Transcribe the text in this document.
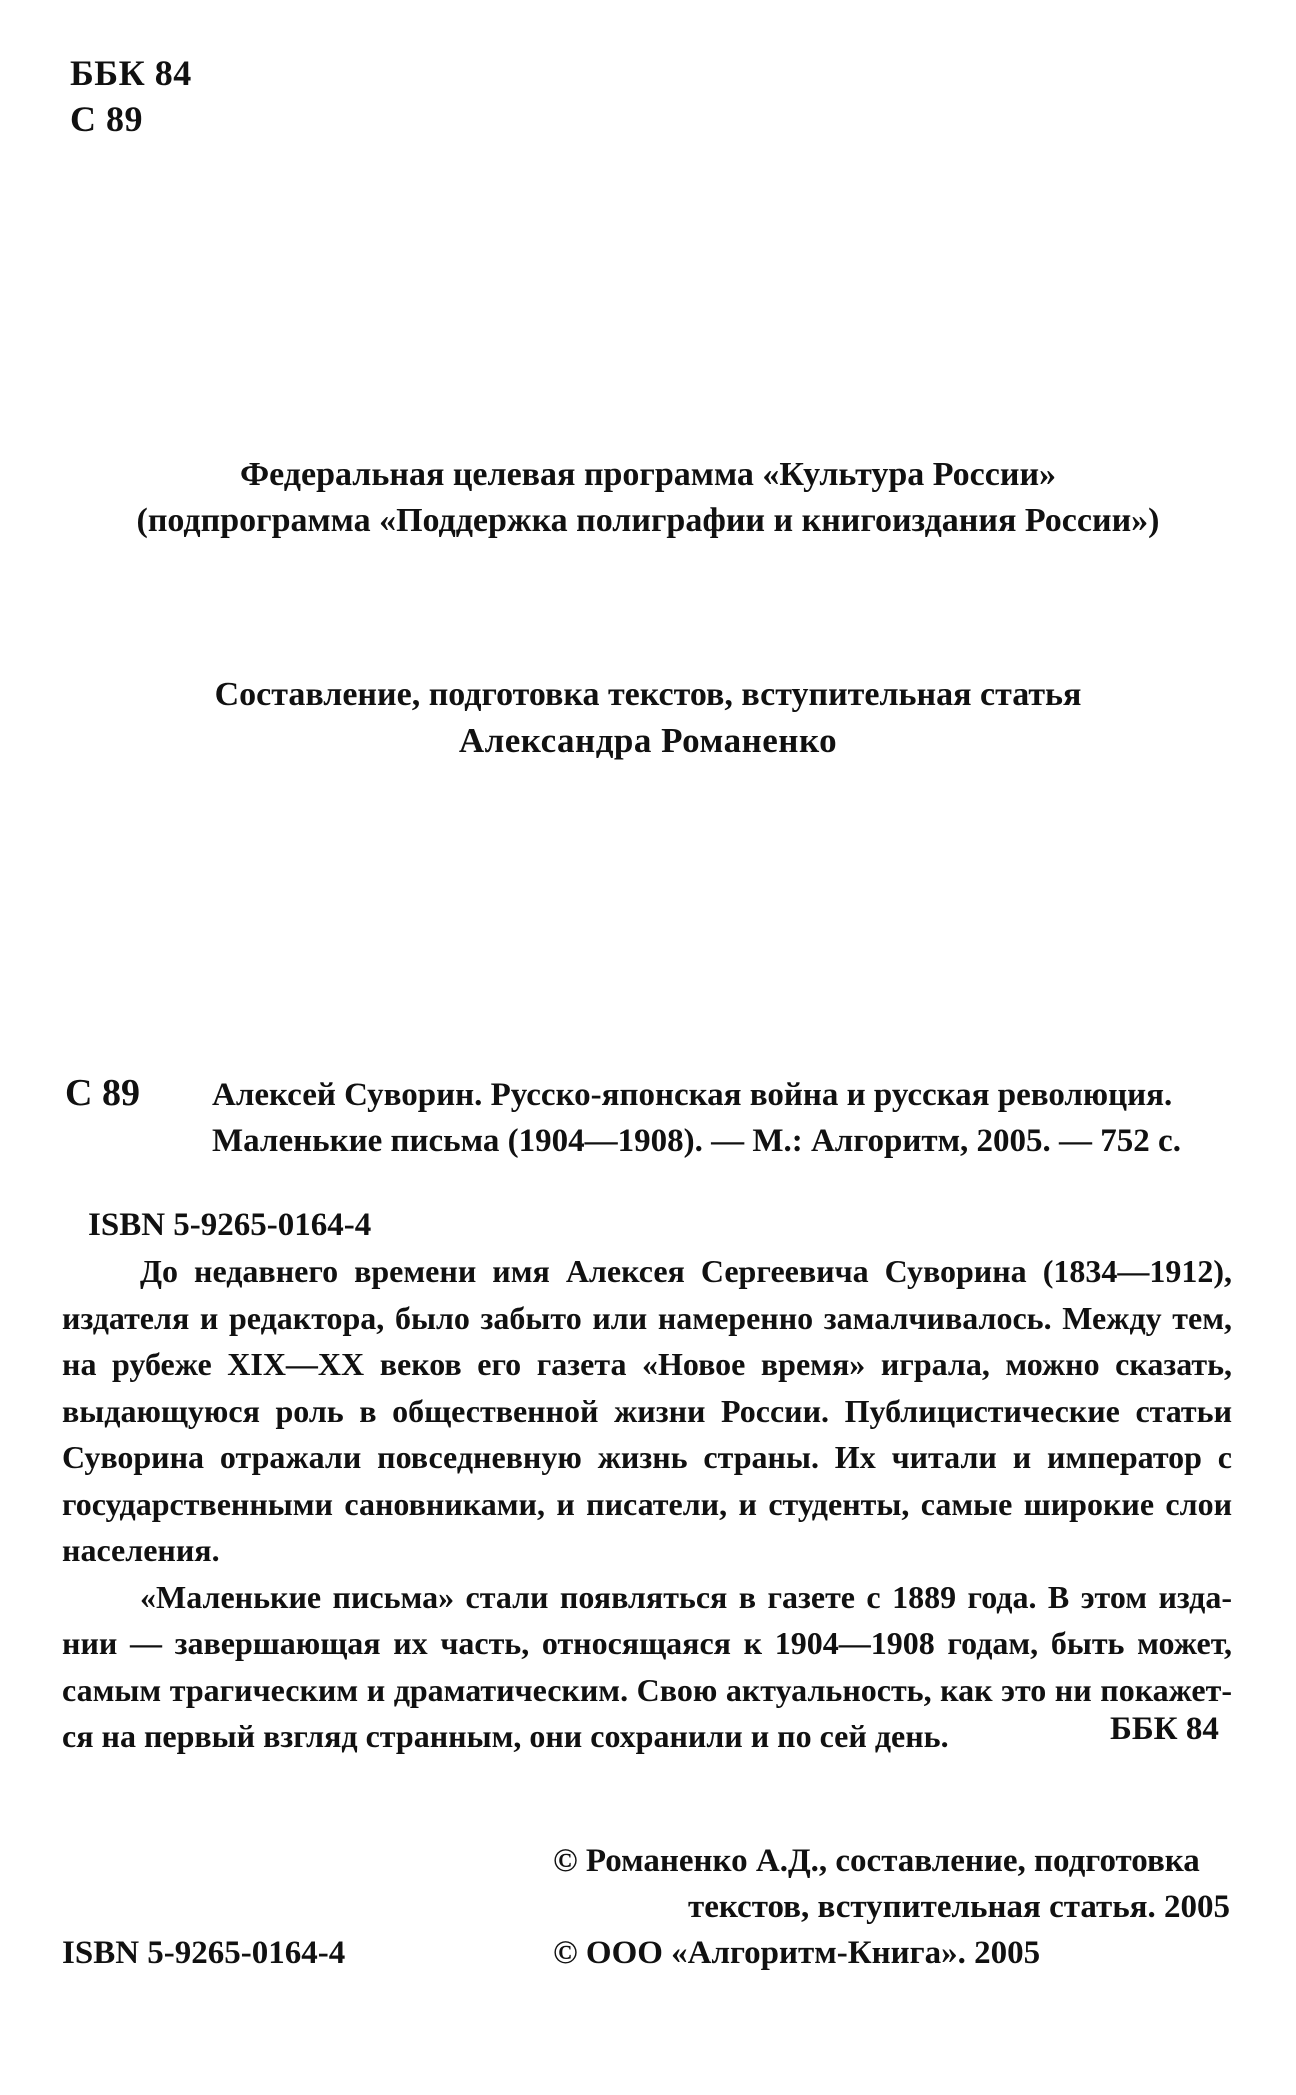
ББК 84
С 89
Федеральная целевая программа «Культура России»
(подпрограмма «Поддержка полиграфии и книгоиздания России»)
Составление, подготовка текстов, вступительная статья
Александра Романенко
С 89 Алексей Суворин. Русско-японская война и русская революция.
Маленькие письма (1904—1908). — М.: Алгоритм, 2005. — 752 с.
ISBN 5-9265-0164-4
До недавнего времени имя Алексея Сергеевича Суворина (1834—1912),
издателя и редактора, было забыто или намеренно замалчивалось. Между тем,
на рубеже XIX—XX веков его газета «Новое время» играла, можно сказать,
выдающуюся роль в общественной жизни России. Публицистические статьи
Суворина отражали повседневную жизнь страны. Их читали и император с
государственными сановниками, и писатели, и студенты, самые широкие слои
населения.
«Маленькие письма» стали появляться в газете с 1889 года. В этом изда-
нии — завершающая их часть, относящаяся к 1904—1908 годам, быть может,
самым трагическим и драматическим. Свою актуальность, как это ни покажет-
ся на первый взгляд странным, они сохранили и по сей день.	ББК 84
© Романенко А.Д., составление, подготовка
текстов, вступительная статья. 2005
© ООО «Алгоритм-Книга». 2005
ISBN 5-9265-0164-4
